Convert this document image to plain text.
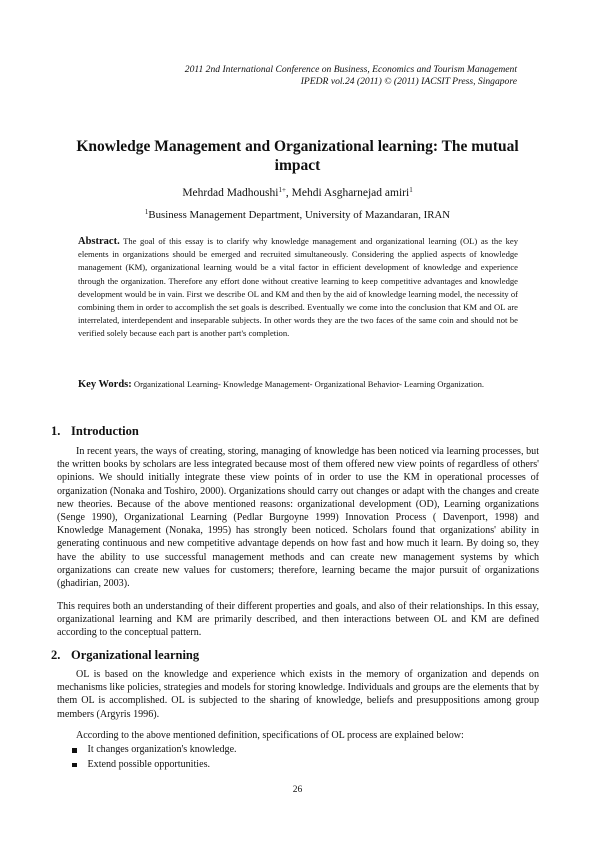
2011 2nd International Conference on Business, Economics and Tourism Management
IPEDR vol.24 (2011) © (2011) IACSIT Press, Singapore
Knowledge Management and Organizational learning: The mutual impact
Mehrdad Madhoushi$^{1+}$, Mehdi Asgharnejad amiri$^1$
$^1$Business Management Department, University of Mazandaran, IRAN
Abstract. The goal of this essay is to clarify why knowledge management and organizational learning (OL) as the key elements in organizations should be emerged and recruited simultaneously. Considering the applied aspects of knowledge management (KM), organizational learning would be a vital factor in efficient development of knowledge and experience through the organization. Therefore any effort done without creative learning to keep competitive advantages and knowledge development would be in vain. First we describe OL and KM and then by the aid of knowledge learning model, the necessity of combining them in order to accomplish the set goals is described. Eventually we come into the conclusion that KM and OL are interrelated, interdependent and inseparable subjects. In other words they are the two faces of the same coin and should not be verified solely because each part is another part's completion.
Key Words: Organizational Learning- Knowledge Management- Organizational Behavior- Learning Organization.
1. Introduction

In recent years, the ways of creating, storing, managing of knowledge has been noticed via learning processes, but the written books by scholars are less integrated because most of them offered new view points of regardless of others' opinions. We should initially integrate these view points of in order to use the KM in operational processes of organization (Nonaka and Toshiro, 2000). Organizations should carry out changes or adapt with the changes and create new theories. Because of the above mentioned reasons: organizational development (OD), Learning organizations (Senge 1990), Organizational Learning (Pedlar Burgoyne 1999) Innovation Process ( Davenport, 1998) and Knowledge Management (Nonaka, 1995) has strongly been noticed. Scholars found that organizations' ability in generating continuous and new competitive advantage depends on how fast and how much it learn. By doing so, they have the ability to use successful management methods and can create new management systems by which organizations can create new values for customers; therefore, learning became the major pursuit of organizations (ghadirian, 2003).

This requires both an understanding of their different properties and goals, and also of their relationships. In this essay, organizational learning and KM are primarily described, and then interactions between OL and KM are defined according to the conceptual pattern.

2. Organizational learning

OL is based on the knowledge and experience which exists in the memory of organization and depends on mechanisms like policies, strategies and models for storing knowledge. Individuals and groups are the elements that by them OL is accomplished. OL is subjected to the sharing of knowledge, beliefs and presuppositions among group members (Argyris 1996).

According to the above mentioned definition, specifications of OL process are explained below:

It changes organization's knowledge.
Extend possible opportunities.
26
